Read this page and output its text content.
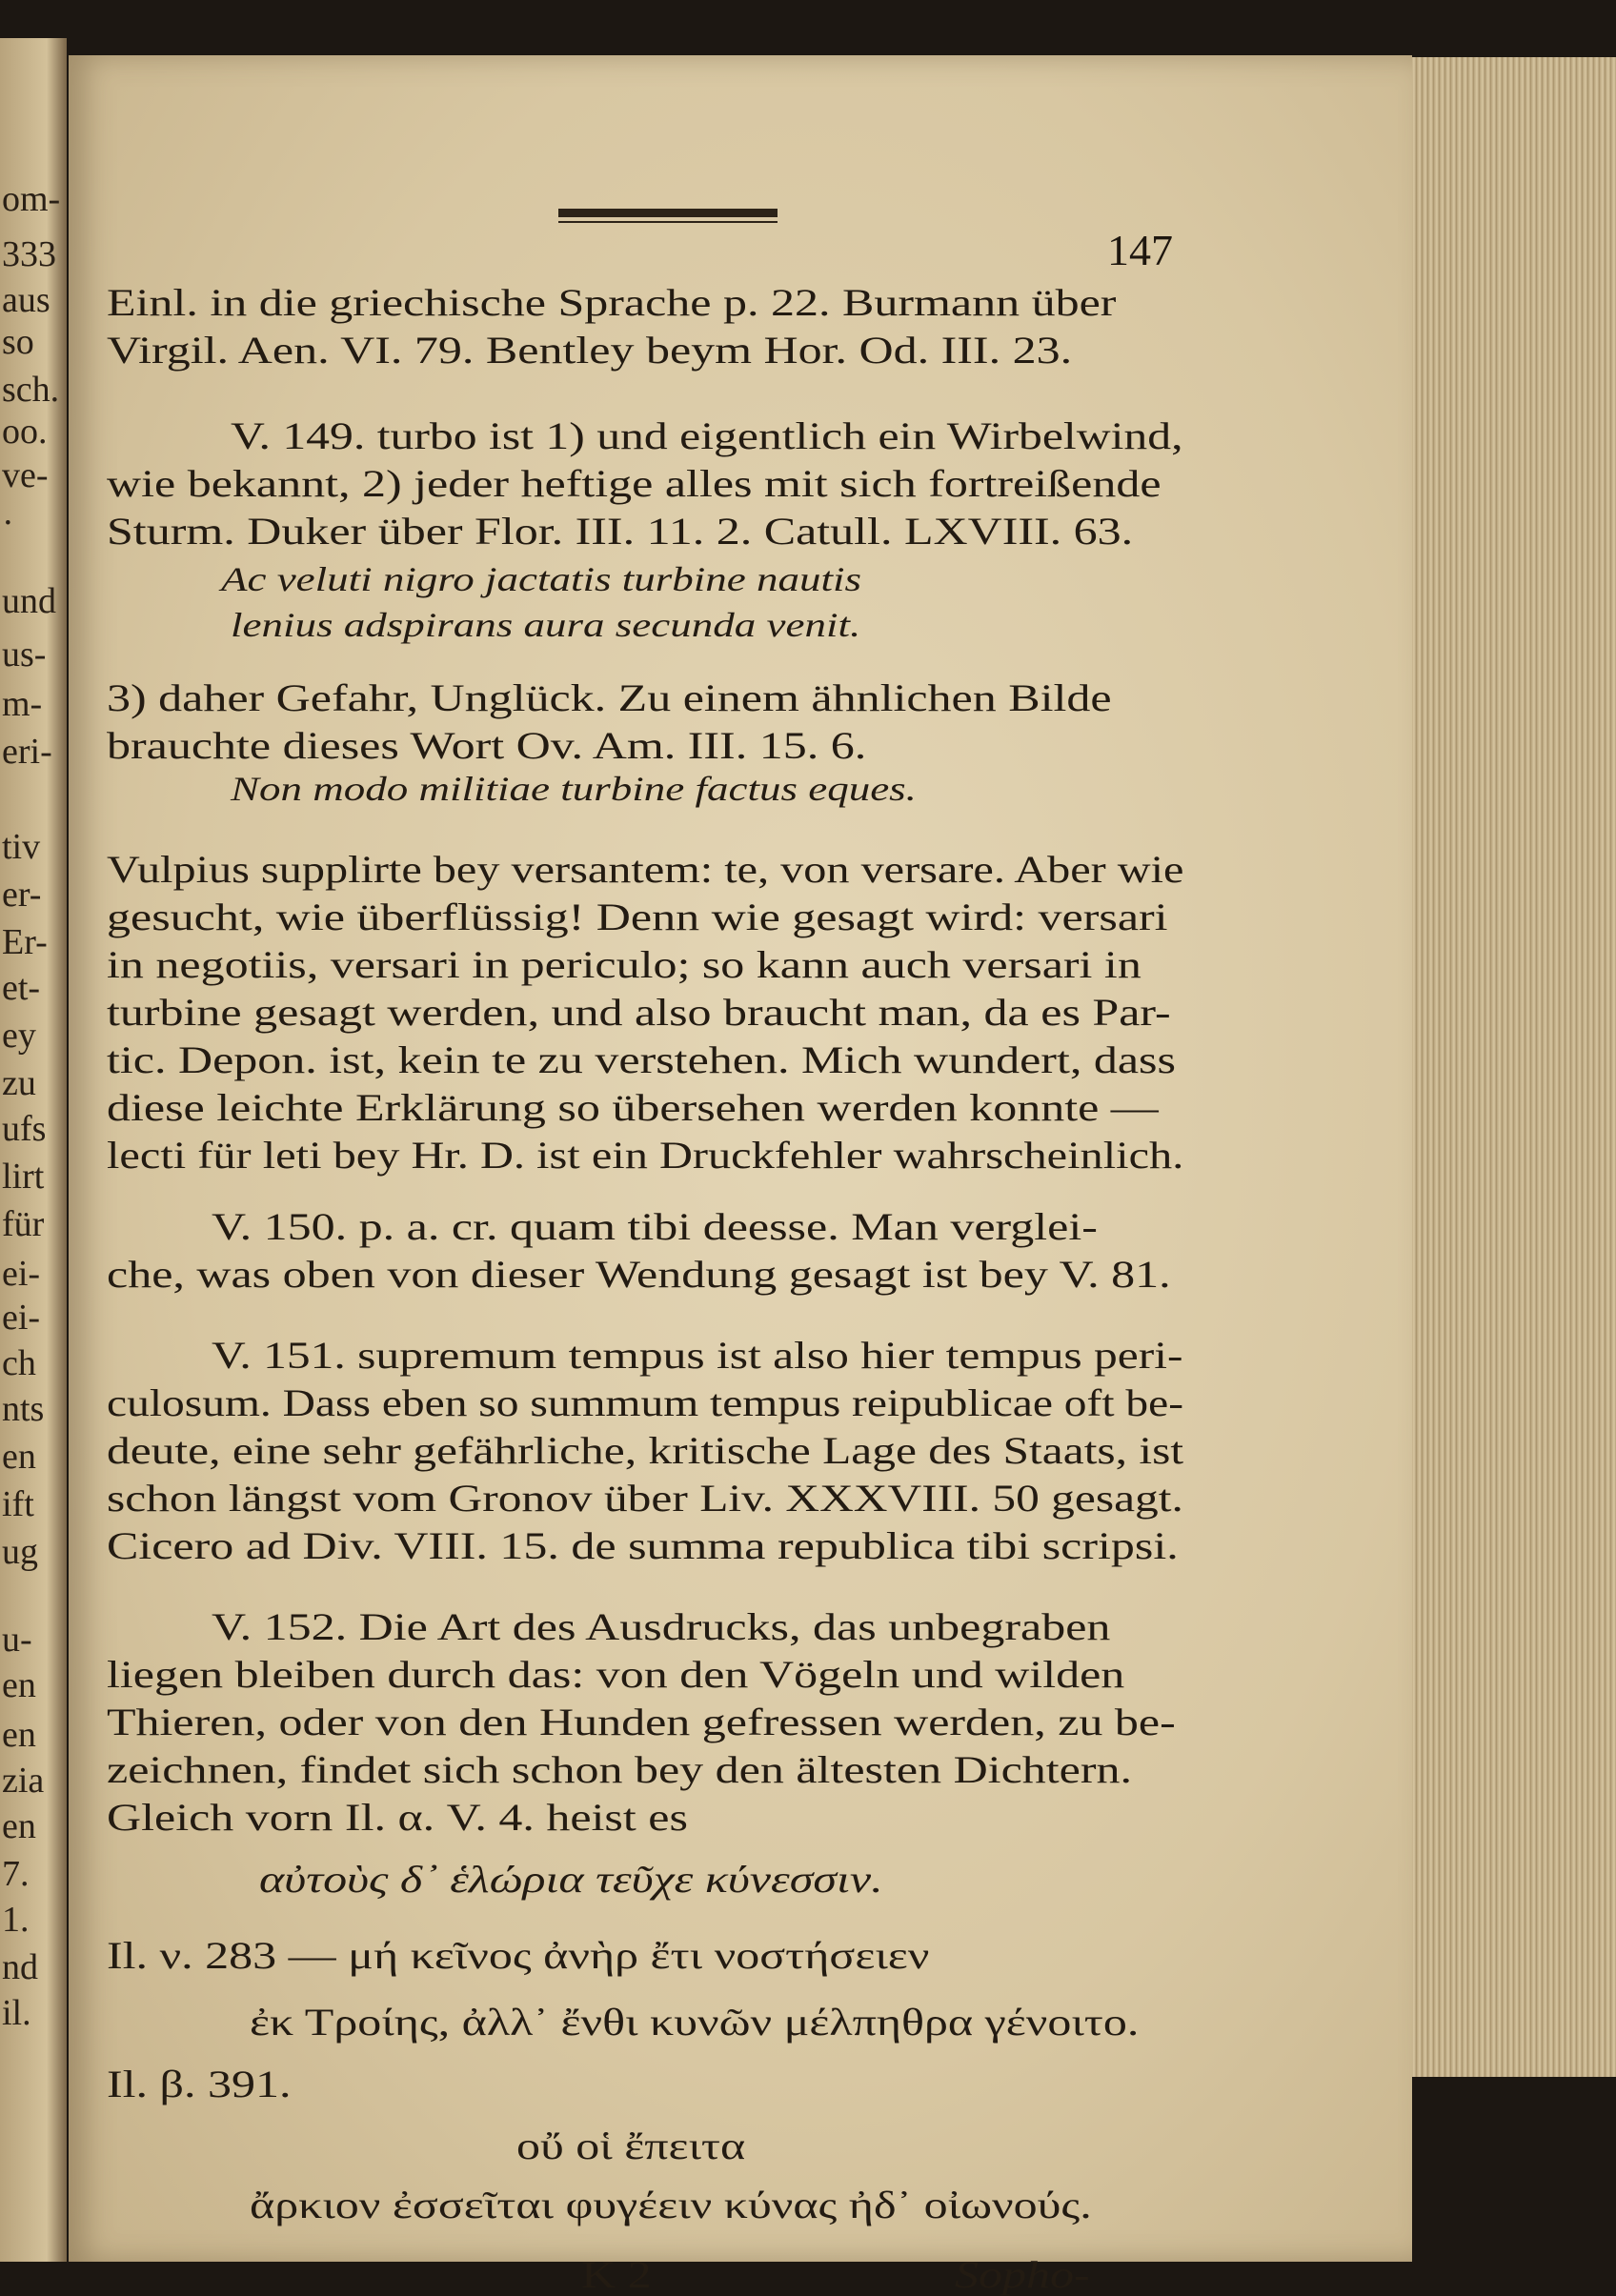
om-
333
aus
so
sch.
oo.
ve-
·
und
us-
m-
eri-
tiv
er-
Er-
et-
ey
zu
ufs
lirt
für
ei-
ei-
ch
nts
en
ift
ug
u-
en
en
zia
en
7.
1.
nd
il.
147
Einl. in die griechische Sprache p. 22. Burmann über
Virgil. Aen. VI. 79. Bentley beym Hor. Od. III. 23.
V. 149. turbo ist 1) und eigentlich ein Wirbelwind,
wie bekannt, 2) jeder heftige alles mit sich fortreißende
Sturm. Duker über Flor. III. 11. 2. Catull. LXVIII. 63.
Ac veluti nigro jactatis turbine nautis
lenius adspirans aura secunda venit.
3) daher Gefahr, Unglück. Zu einem ähnlichen Bilde
brauchte dieses Wort Ov. Am. III. 15. 6.
Non modo militiae turbine factus eques.
Vulpius supplirte bey versantem: te, von versare. Aber wie
gesucht, wie überflüssig! Denn wie gesagt wird: versari
in negotiis, versari in periculo; so kann auch versari in
turbine gesagt werden, und also braucht man, da es Par-
tic. Depon. ist, kein te zu verstehen. Mich wundert, dass
diese leichte Erklärung so übersehen werden konnte —
lecti für leti bey Hr. D. ist ein Druckfehler wahrscheinlich.
V. 150. p. a. cr. quam tibi deesse. Man verglei-
che, was oben von dieser Wendung gesagt ist bey V. 81.
V. 151. supremum tempus ist also hier tempus peri-
culosum. Dass eben so summum tempus reipublicae oft be-
deute, eine sehr gefährliche, kritische Lage des Staats, ist
schon längst vom Gronov über Liv. XXXVIII. 50 gesagt.
Cicero ad Div. VIII. 15. de summa republica tibi scripsi.
V. 152. Die Art des Ausdrucks, das unbegraben
liegen bleiben durch das: von den Vögeln und wilden
Thieren, oder von den Hunden gefressen werden, zu be-
zeichnen, findet sich schon bey den ältesten Dichtern.
Gleich vorn Il. α. V. 4. heist es
αὐτοὺς δ᾽ ἑλώρια τεῦχε κύνεσσιν.
Il. ν. 283 — μή κεῖνος ἀνὴρ ἔτι νοστήσειεν
ἐκ Τροίης, ἀλλ᾽ ἔνθι κυνῶν μέλπηθρα γένοιτο.
Il. β. 391.
οὔ οἱ ἔπειτα
ἄρκιον ἐσσεῖται φυγέειν κύνας ἠδ᾽ οἰωνούς.
K 2	Sopho-
